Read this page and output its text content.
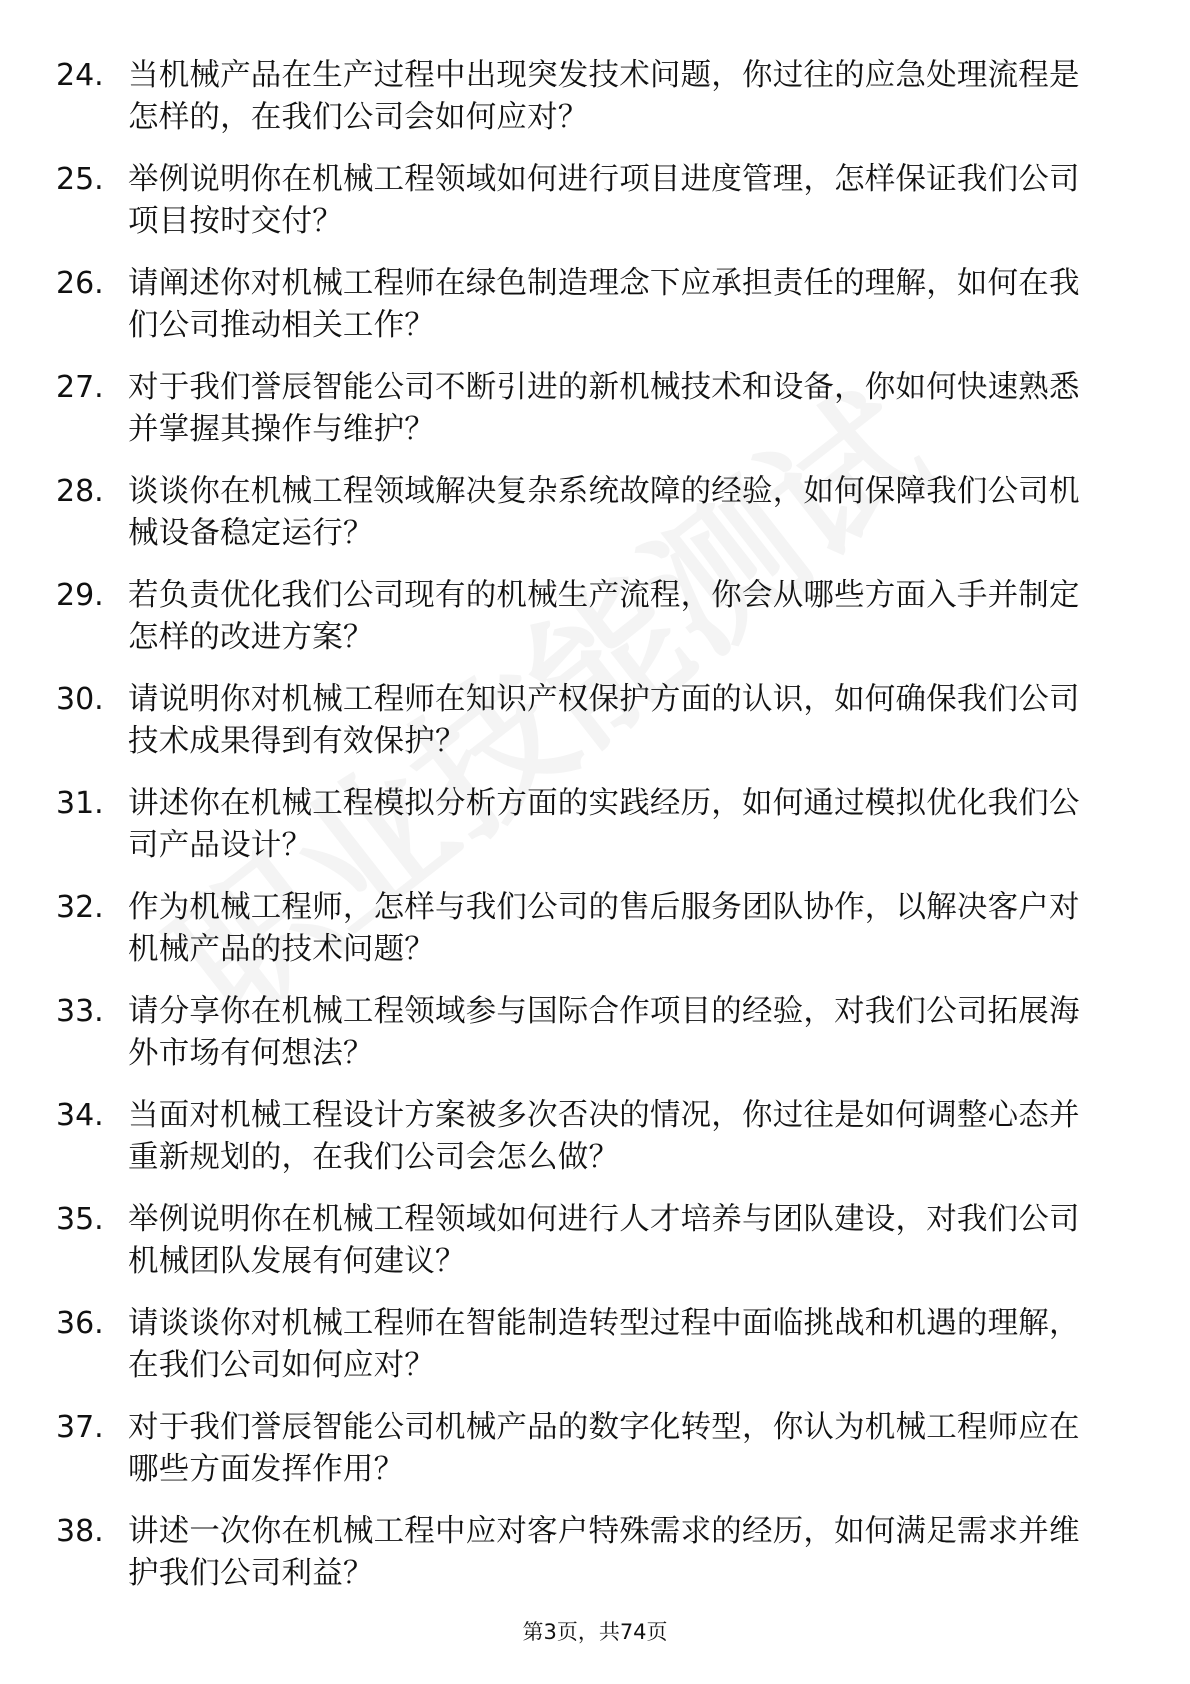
24. 当机械产品在生产过程中出现突发技术问题，你过往的应急处理流程是怎样的，在我们公司会如何应对？
25. 举例说明你在机械工程领域如何进行项目进度管理，怎样保证我们公司项目按时交付？
26. 请阐述你对机械工程师在绿色制造理念下应承担责任的理解，如何在我们公司推动相关工作？
27. 对于我们誉辰智能公司不断引进的新机械技术和设备，你如何快速熟悉并掌握其操作与维护？
28. 谈谈你在机械工程领域解决复杂系统故障的经验，如何保障我们公司机械设备稳定运行？
29. 若负责优化我们公司现有的机械生产流程，你会从哪些方面入手并制定怎样的改进方案？
30. 请说明你对机械工程师在知识产权保护方面的认识，如何确保我们公司技术成果得到有效保护？
31. 讲述你在机械工程模拟分析方面的实践经历，如何通过模拟优化我们公司产品设计？
32. 作为机械工程师，怎样与我们公司的售后服务团队协作，以解决客户对机械产品的技术问题？
33. 请分享你在机械工程领域参与国际合作项目的经验，对我们公司拓展海外市场有何想法？
34. 当面对机械工程设计方案被多次否决的情况，你过往是如何调整心态并重新规划的，在我们公司会怎么做？
35. 举例说明你在机械工程领域如何进行人才培养与团队建设，对我们公司机械团队发展有何建议？
36. 请谈谈你对机械工程师在智能制造转型过程中面临挑战和机遇的理解，在我们公司如何应对？
37. 对于我们誉辰智能公司机械产品的数字化转型，你认为机械工程师应在哪些方面发挥作用？
38. 讲述一次你在机械工程中应对客户特殊需求的经历，如何满足需求并维护我们公司利益？
第3页，共74页
